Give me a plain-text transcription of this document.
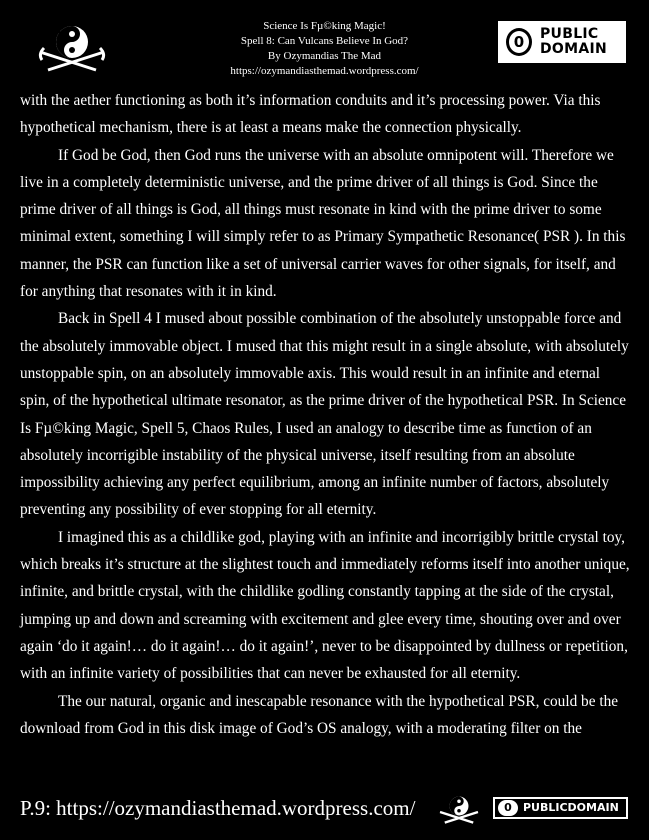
Science Is Fµ©king Magic!
Spell 8: Can Vulcans Believe In God?
By Ozymandias The Mad
https://ozymandiasthemad.wordpress.com/
0	PUBLIC
DOMAIN

with the aether functioning as both it’s information conduits and it’s processing power. Via this hypothetical mechanism, there is at least a means make the connection physically.

If God be God, then God runs the universe with an absolute omnipotent will. Therefore we live in a completely deterministic universe, and the prime driver of all things is God. Since the prime driver of all things is God, all things must resonate in kind with the prime driver to some minimal extent, something I will simply refer to as Primary Sympathetic Resonance( PSR ). In this manner, the PSR can function like a set of universal carrier waves for other signals, for itself, and for anything that resonates with it in kind.

Back in Spell 4 I mused about possible combination of the absolutely unstoppable force and the absolutely immovable object. I mused that this might result in a single absolute, with absolutely unstoppable spin, on an absolutely immovable axis. This would result in an infinite and eternal spin, of the hypothetical ultimate resonator, as the prime driver of the hypothetical PSR. In Science Is Fµ©king Magic, Spell 5, Chaos Rules, I used an analogy to describe time as function of an absolutely incorrigible instability of the physical universe, itself resulting from an absolute impossibility achieving any perfect equilibrium, among an infinite number of factors, absolutely preventing any possibility of ever stopping for all eternity.

I imagined this as a childlike god, playing with an infinite and incorrigibly brittle crystal toy, which breaks it’s structure at the slightest touch and immediately reforms itself into another unique, infinite, and brittle crystal, with the childlike godling constantly tapping at the side of the crystal, jumping up and down and screaming with excitement and glee every time, shouting over and over again ‘do it again!… do it again!… do it again!’, never to be disappointed by dullness or repetition, with an infinite variety of possibilities that can never be exhausted for all eternity.

The our natural, organic and inescapable resonance with the hypothetical PSR, could be the download from God in this disk image of God’s OS analogy, with a moderating filter on the

P.9: https://ozymandiasthemad.wordpress.com/	0	PUBLICDOMAIN
